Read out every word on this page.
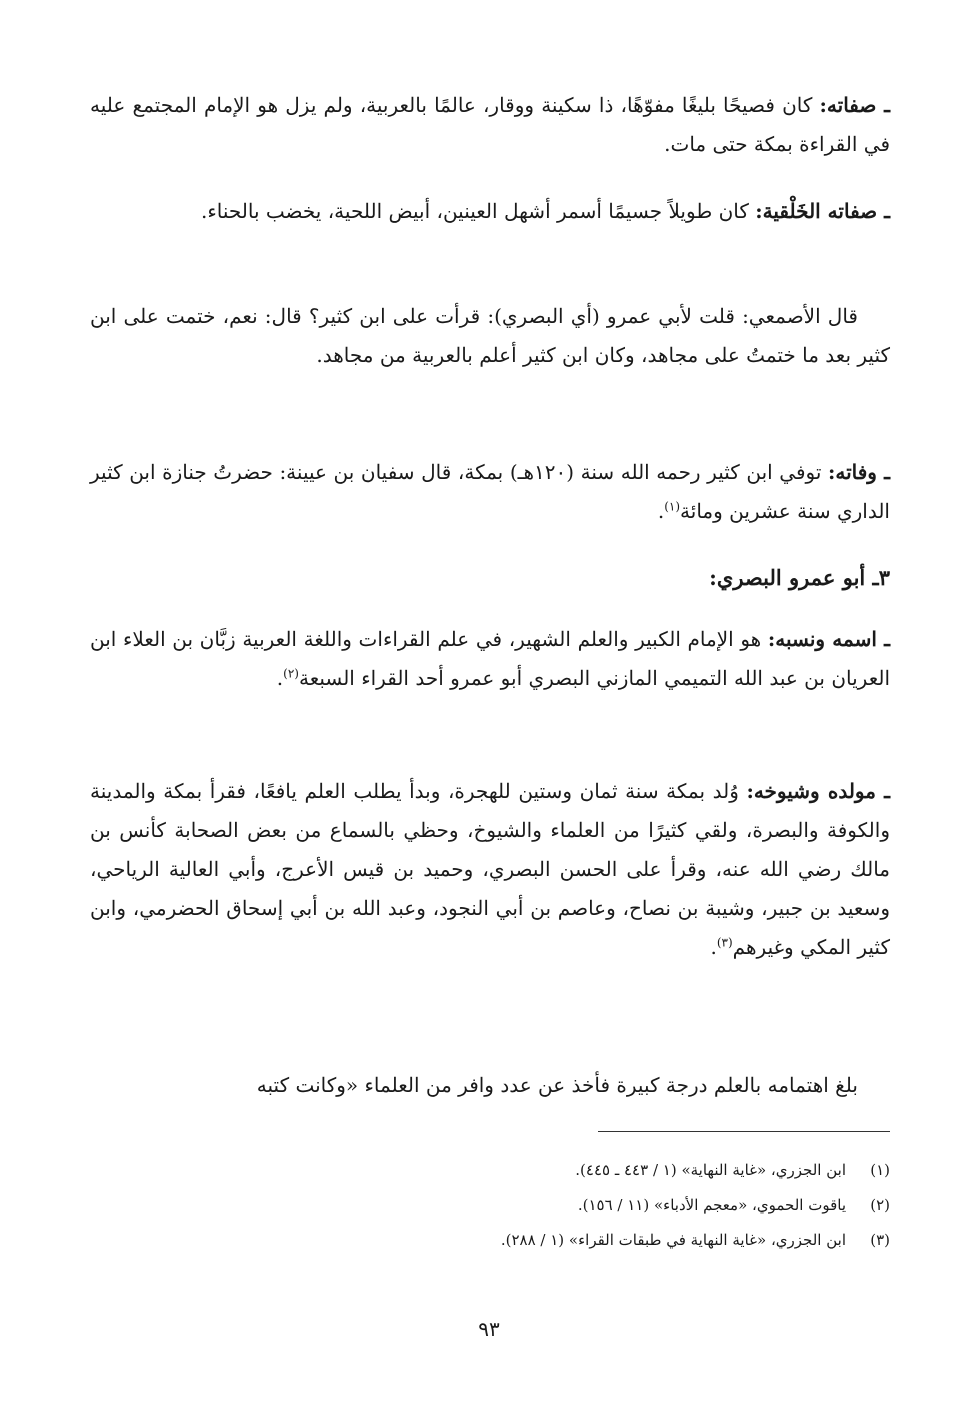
ـ صفاته: كان فصيحًا بليغًا مفوّهًا، ذا سكينة ووقار، عالمًا بالعربية، ولم يزل هو الإمام المجتمع عليه في القراءة بمكة حتى مات.
ـ صفاته الخَلْقية: كان طويلاً جسيمًا أسمر أشهل العينين، أبيض اللحية، يخضب بالحناء.
قال الأصمعي: قلت لأبي عمرو (أي البصري): قرأت على ابن كثير؟ قال: نعم، ختمت على ابن كثير بعد ما ختمتُ على مجاهد، وكان ابن كثير أعلم بالعربية من مجاهد.
ـ وفاته: توفي ابن كثير رحمه الله سنة (١٢٠هـ) بمكة، قال سفيان بن عيينة: حضرتُ جنازة ابن كثير الداري سنة عشرين ومائة$^{(١)}$.
٣ـ أبو عمرو البصري:
ـ اسمه ونسبه: هو الإمام الكبير والعلم الشهير، في علم القراءات واللغة العربية زبَّان بن العلاء ابن العريان بن عبد الله التميمي المازني البصري أبو عمرو أحد القراء السبعة$^{(٢)}$.
ـ مولده وشيوخه: وُلد بمكة سنة ثمان وستين للهجرة، وبدأ يطلب العلم يافعًا، فقرأ بمكة والمدينة والكوفة والبصرة، ولقي كثيرًا من العلماء والشيوخ، وحظي بالسماع من بعض الصحابة كأنس بن مالك رضي الله عنه، وقرأ على الحسن البصري، وحميد بن قيس الأعرج، وأبي العالية الرياحي، وسعيد بن جبير، وشيبة بن نصاح، وعاصم بن أبي النجود، وعبد الله بن أبي إسحاق الحضرمي، وابن كثير المكي وغيرهم$^{(٣)}$.
بلغ اهتمامه بالعلم درجة كبيرة فأخذ عن عدد وافر من العلماء «وكانت كتبه
(١)
ابن الجزري، «غاية النهاية» (١ / ٤٤٣ ـ ٤٤٥).
(٢)
ياقوت الحموي، «معجم الأدباء» (١١ / ١٥٦).
(٣)
ابن الجزري، «غاية النهاية في طبقات القراء» (١ / ٢٨٨).
٩٣
